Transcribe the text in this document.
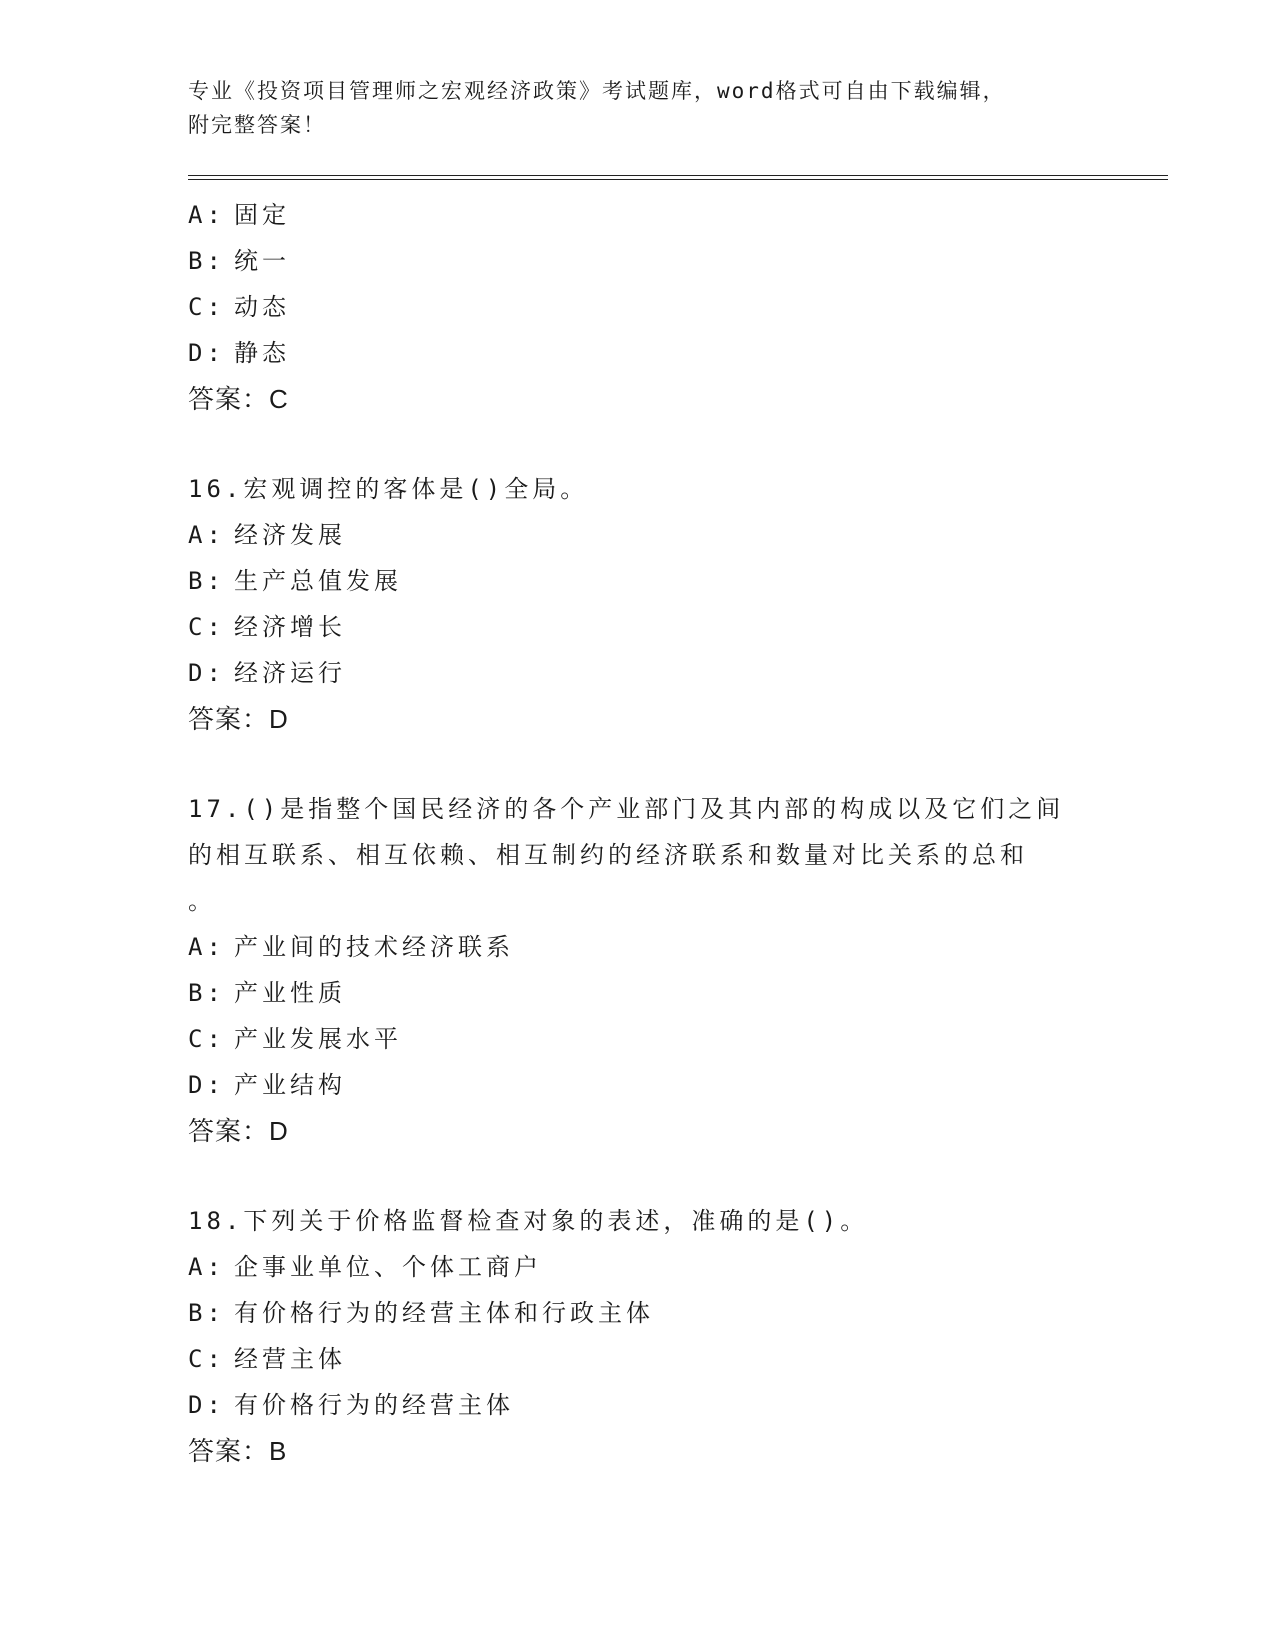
专业《投资项目管理师之宏观经济政策》考试题库，word格式可自由下载编辑，

附完整答案！

A: 固定

B: 统一

C: 动态

D: 静态

答案：C

16.宏观调控的客体是()全局。

A: 经济发展

B: 生产总值发展

C: 经济增长

D: 经济运行

答案：D

17.()是指整个国民经济的各个产业部门及其内部的构成以及它们之间

的相互联系、相互依赖、相互制约的经济联系和数量对比关系的总和

。

A: 产业间的技术经济联系

B: 产业性质

C: 产业发展水平

D: 产业结构

答案：D

18.下列关于价格监督检查对象的表述，准确的是()。

A: 企事业单位、个体工商户

B: 有价格行为的经营主体和行政主体

C: 经营主体

D: 有价格行为的经营主体

答案：B
